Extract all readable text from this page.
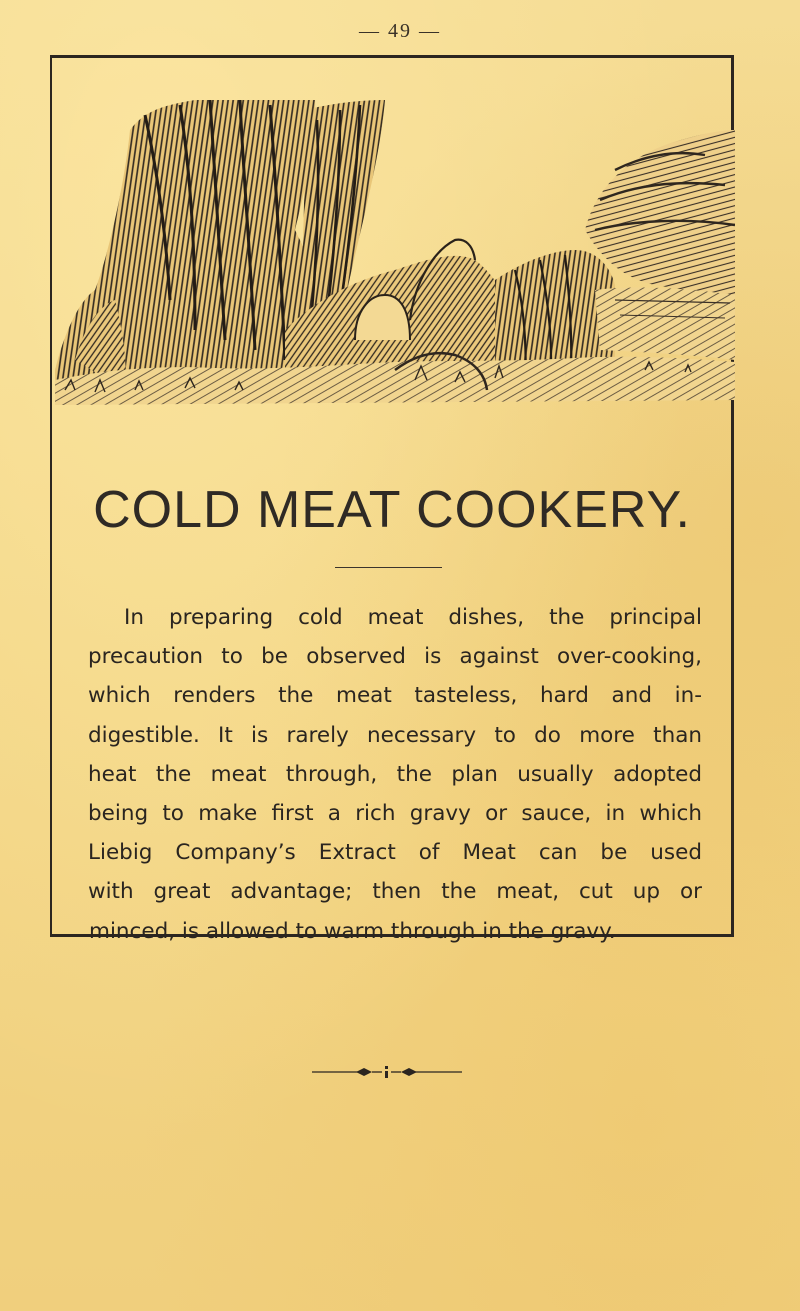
— 49 —
COLD MEAT COOKERY.
In preparing cold meat dishes, the principal
precaution to be observed is against over-cooking,
which renders the meat tasteless, hard and in-
digestible. It is rarely necessary to do more than
heat the meat through, the plan usually adopted
being to make first a rich gravy or sauce, in which
Liebig Company’s Extract of Meat can be used
with great advantage; then the meat, cut up or
minced, is allowed to warm through in the gravy.
